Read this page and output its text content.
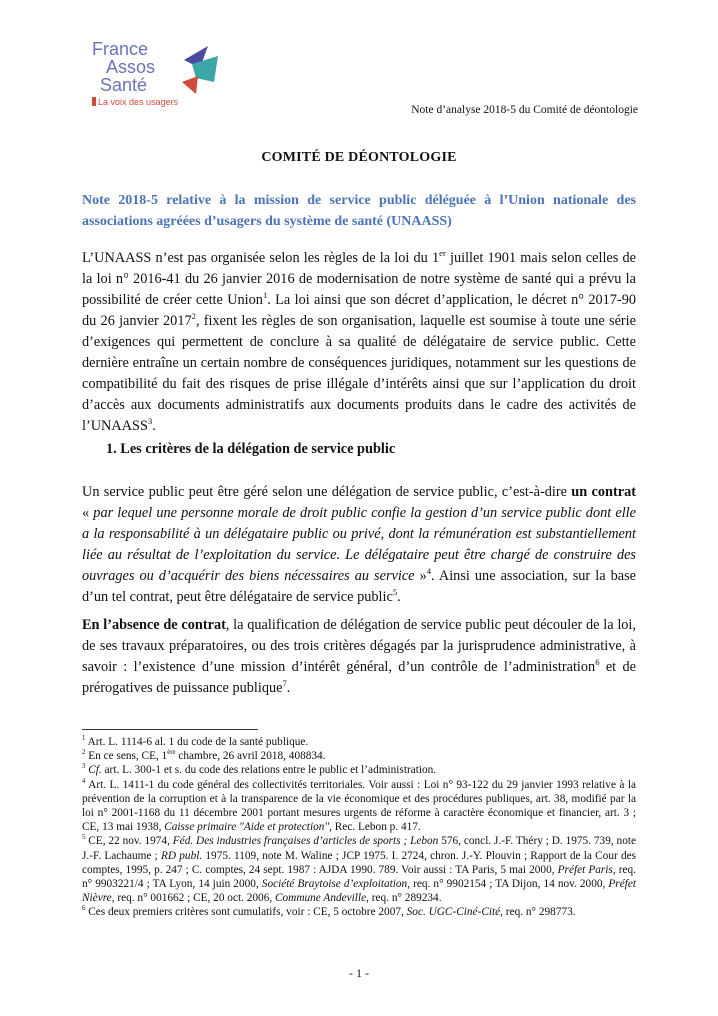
France
Assos
Santé
La voix des usagers
Note d’analyse 2018-5 du Comité de déontologie
COMITÉ DE DÉONTOLOGIE
Note 2018-5 relative à la mission de service public déléguée à l’Union nationale des associations agréées d’usagers du système de santé (UNAASS)
L’UNAASS n’est pas organisée selon les règles de la loi du 1er juillet 1901 mais selon celles de la loi n° 2016-41 du 26 janvier 2016 de modernisation de notre système de santé qui a prévu la possibilité de créer cette Union$^1$. La loi ainsi que son décret d’application, le décret n° 2017-90 du 26 janvier 2017$^2$, fixent les règles de son organisation, laquelle est soumise à toute une série d’exigences qui permettent de conclure à sa qualité de délégataire de service public. Cette dernière entraîne un certain nombre de conséquences juridiques, notamment sur les questions de compatibilité du fait des risques de prise illégale d’intérêts ainsi que sur l’application du droit d’accès aux documents administratifs aux documents produits dans le cadre des activités de l’UNAASS$^3$.
1. Les critères de la délégation de service public
Un service public peut être géré selon une délégation de service public, c’est-à-dire un contrat « par lequel une personne morale de droit public confie la gestion d’un service public dont elle a la responsabilité à un délégataire public ou privé, dont la rémunération est substantiellement liée au résultat de l’exploitation du service. Le délégataire peut être chargé de construire des ouvrages ou d’acquérir des biens nécessaires au service »$^4$. Ainsi une association, sur la base d’un tel contrat, peut être délégataire de service public$^5$.
En l’absence de contrat, la qualification de délégation de service public peut découler de la loi, de ses travaux préparatoires, ou des trois critères dégagés par la jurisprudence administrative, à savoir : l’existence d’une mission d’intérêt général, d’un contrôle de l’administration$^6$ et de prérogatives de puissance publique$^7$.

$^1$ Art. L. 1114-6 al. 1 du code de la santé publique.

$^2$ En ce sens, CE, 1ère chambre, 26 avril 2018, 408834.

$^3$ Cf. art. L. 300-1 et s. du code des relations entre le public et l’administration.

$^4$ Art. L. 1411-1 du code général des collectivités territoriales. Voir aussi : Loi n° 93-122 du 29 janvier 1993 relative à la prévention de la corruption et à la transparence de la vie économique et des procédures publiques, art. 38, modifié par la loi n° 2001-1168 du 11 décembre 2001 portant mesures urgents de réforme à caractère économique et financier, art. 3 ; CE, 13 mai 1938, Caisse primaire "Aide et protection", Rec. Lebon p. 417.

$^5$ CE, 22 nov. 1974, Féd. Des industries françaises d’articles de sports ; Lebon 576, concl. J.-F. Théry ; D. 1975. 739, note J.-F. Lachaume ; RD publ. 1975. 1109, note M. Waline ; JCP 1975. I. 2724, chron. J.-Y. Plouvin ; Rapport de la Cour des comptes, 1995, p. 247 ; C. comptes, 24 sept. 1987 : AJDA 1990. 789. Voir aussi : TA Paris, 5 mai 2000, Préfet Paris, req. n° 9903221/4 ; TA Lyon, 14 juin 2000, Société Braytoise d’exploitation, req. n° 9902154 ; TA Dijon, 14 nov. 2000, Préfet Nièvre, req. n° 001662 ; CE, 20 oct. 2006, Commune Andeville, req. n° 289234.

$^6$ Ces deux premiers critères sont cumulatifs, voir : CE, 5 octobre 2007, Soc. UGC-Ciné-Cité, req. n° 298773.

- 1 -
